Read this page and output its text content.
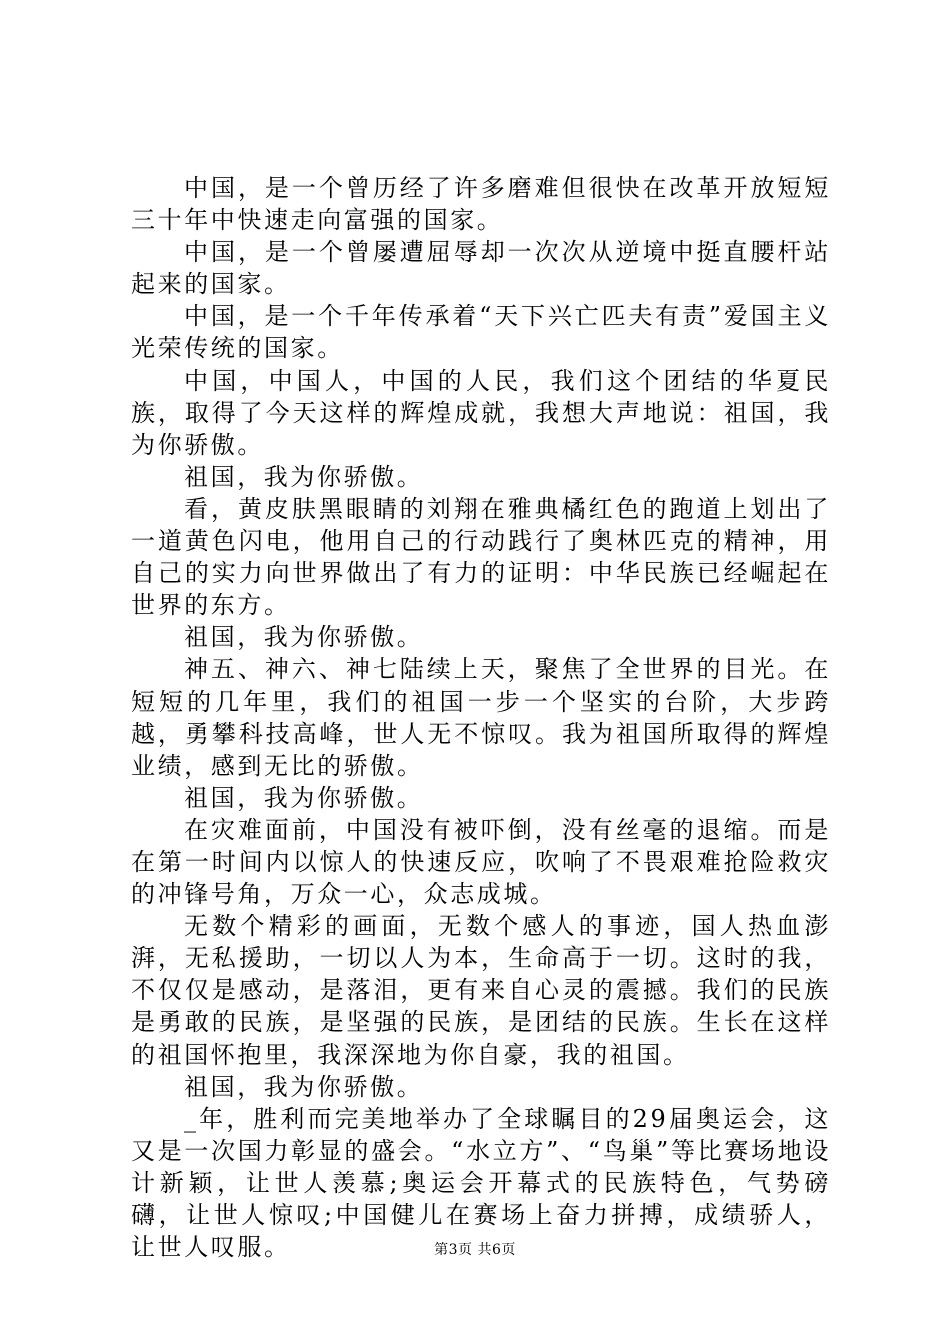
中国，是一个曾历经了许多磨难但很快在改革开放短短三十年中快速走向富强的国家。

中国，是一个曾屡遭屈辱却一次次从逆境中挺直腰杆站起来的国家。

中国，是一个千年传承着“天下兴亡匹夫有责”爱国主义光荣传统的国家。

中国，中国人，中国的人民，我们这个团结的华夏民族，取得了今天这样的辉煌成就，我想大声地说：祖国，我为你骄傲。

祖国，我为你骄傲。

看，黄皮肤黑眼睛的刘翔在雅典橘红色的跑道上划出了一道黄色闪电，他用自己的行动践行了奥林匹克的精神，用自己的实力向世界做出了有力的证明：中华民族已经崛起在世界的东方。

祖国，我为你骄傲。

神五、神六、神七陆续上天，聚焦了全世界的目光。在短短的几年里，我们的祖国一步一个坚实的台阶，大步跨越，勇攀科技高峰，世人无不惊叹。我为祖国所取得的辉煌业绩，感到无比的骄傲。

祖国，我为你骄傲。

在灾难面前，中国没有被吓倒，没有丝毫的退缩。而是在第一时间内以惊人的快速反应，吹响了不畏艰难抢险救灾的冲锋号角，万众一心，众志成城。

无数个精彩的画面，无数个感人的事迹，国人热血澎湃，无私援助，一切以人为本，生命高于一切。这时的我，不仅仅是感动，是落泪，更有来自心灵的震撼。我们的民族是勇敢的民族，是坚强的民族，是团结的民族。生长在这样的祖国怀抱里，我深深地为你自豪，我的祖国。

祖国，我为你骄傲。

_年，胜利而完美地举办了全球瞩目的29届奥运会，这又是一次国力彰显的盛会。“水立方”、“鸟巢”等比赛场地设计新颖，让世人羡慕;奥运会开幕式的民族特色，气势磅礴，让世人惊叹;中国健儿在赛场上奋力拼搏，成绩骄人，让世人叹服。	第3页 共6页
